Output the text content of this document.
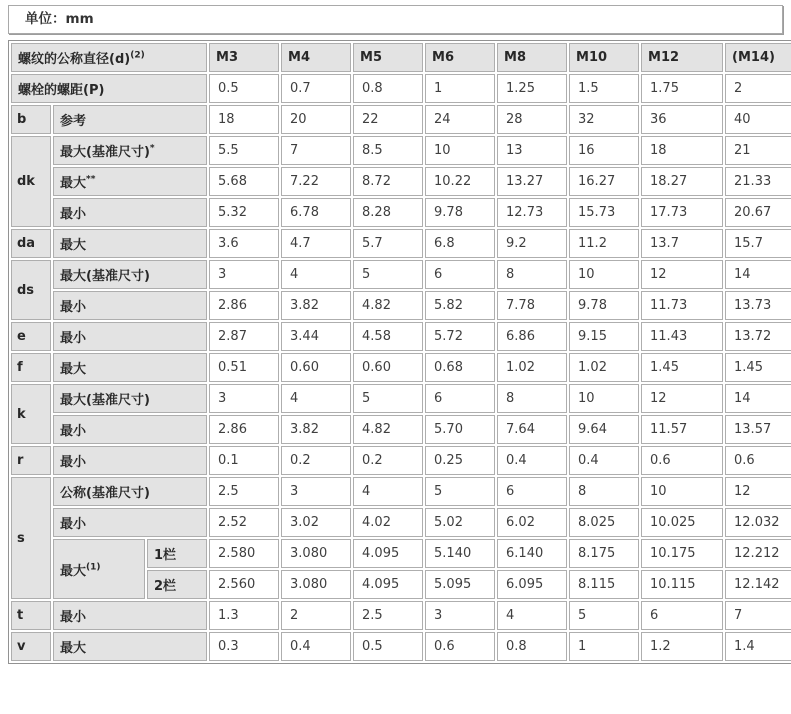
单位：mm
螺纹的公称直径$(d)^{(2)}$			M3	M4	M5	M6	M8	M10	M12	(M14)
螺栓的螺距(P)			0.5	0.7	0.8	1	1.25	1.5	1.75	2
b	参考		18	20	22	24	28	32	36	40
dk	最大(基准尺寸)*		5.5	7	8.5	10	13	16	18	21
	最大**		5.68	7.22	8.72	10.22	13.27	16.27	18.27	21.33
	最小		5.32	6.78	8.28	9.78	12.73	15.73	17.73	20.67
da	最大		3.6	4.7	5.7	6.8	9.2	11.2	13.7	15.7
ds	最大(基准尺寸)		3	4	5	6	8	10	12	14
	最小		2.86	3.82	4.82	5.82	7.78	9.78	11.73	13.73
e	最小		2.87	3.44	4.58	5.72	6.86	9.15	11.43	13.72
f	最大		0.51	0.60	0.60	0.68	1.02	1.02	1.45	1.45
k	最大(基准尺寸)		3	4	5	6	8	10	12	14
	最小		2.86	3.82	4.82	5.70	7.64	9.64	11.57	13.57
r	最小		0.1	0.2	0.2	0.25	0.4	0.4	0.6	0.6
s	公称(基准尺寸)		2.5	3	4	5	6	8	10	12
	最小		2.52	3.02	4.02	5.02	6.02	8.025	10.025	12.032
	最大$^{(1)}$	1栏	2.580	3.080	4.095	5.140	6.140	8.175	10.175	12.212
		2栏	2.560	3.080	4.095	5.095	6.095	8.115	10.115	12.142
t	最小		1.3	2	2.5	3	4	5	6	7
v	最大		0.3	0.4	0.5	0.6	0.8	1	1.2	1.4
